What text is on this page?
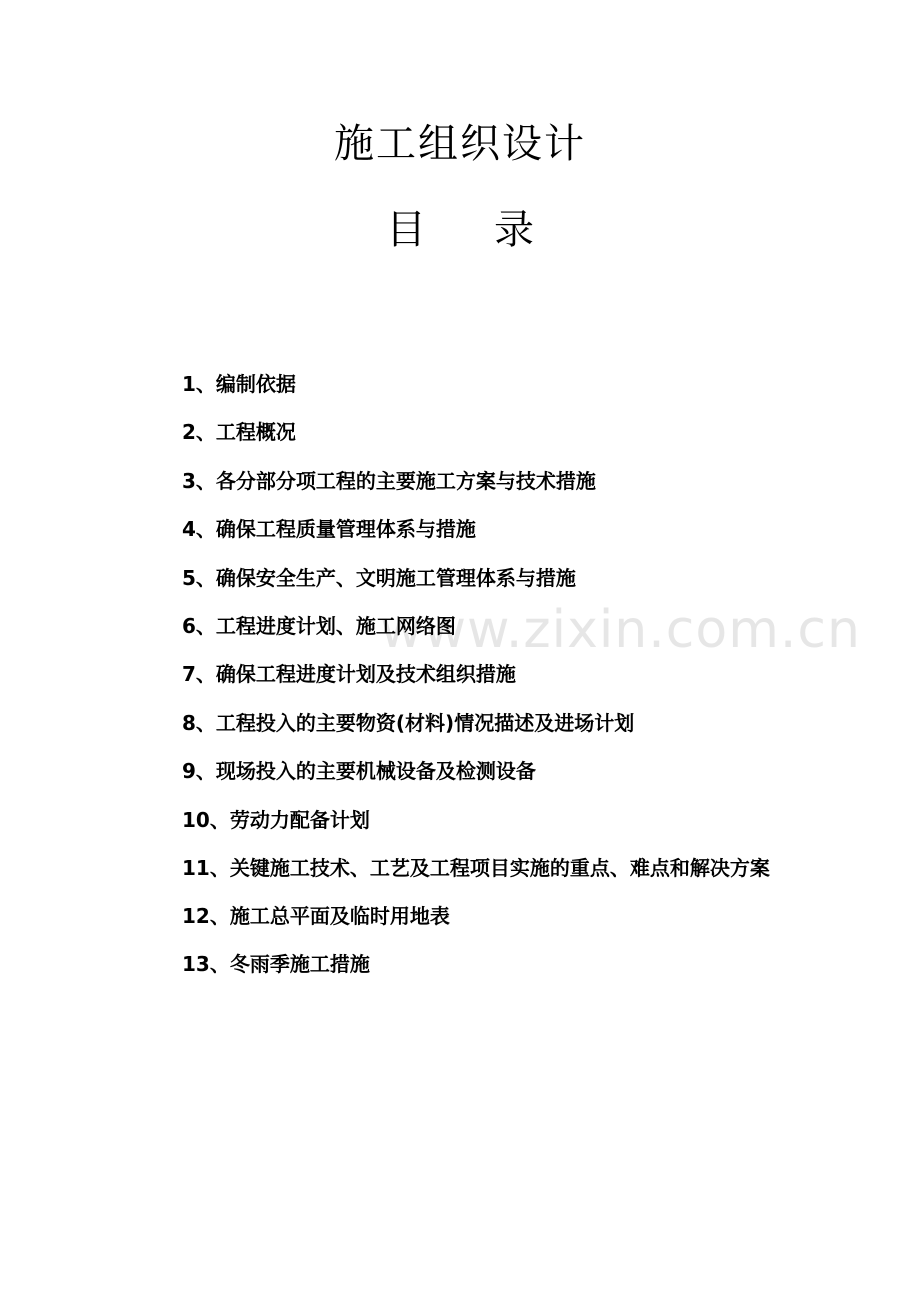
www.zixin.com.cn
施工组织设计
目 录
1、编制依据
2、工程概况
3、各分部分项工程的主要施工方案与技术措施
4、确保工程质量管理体系与措施
5、确保安全生产、文明施工管理体系与措施
6、工程进度计划、施工网络图
7、确保工程进度计划及技术组织措施
8、工程投入的主要物资(材料)情况描述及进场计划
9、现场投入的主要机械设备及检测设备
10、劳动力配备计划
11、关键施工技术、工艺及工程项目实施的重点、难点和解决方案
12、施工总平面及临时用地表
13、冬雨季施工措施
